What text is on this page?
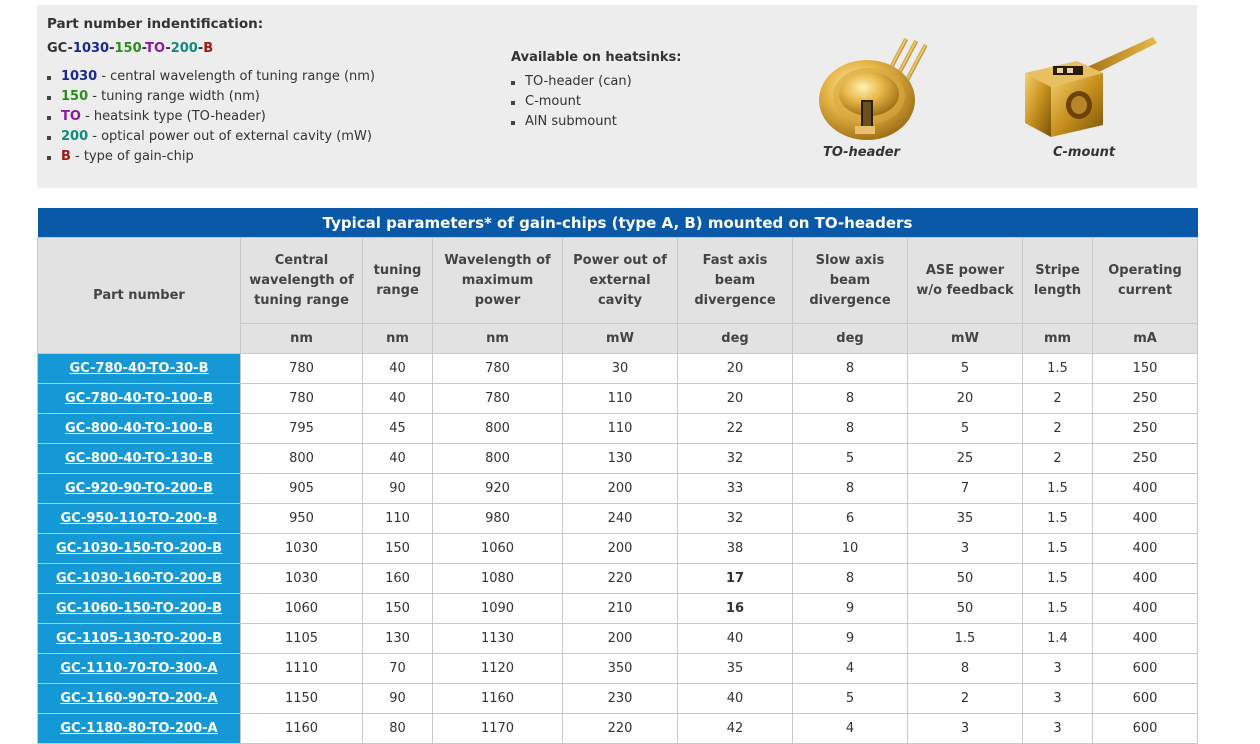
Part number indentification:
GC-1030-150-TO-200-B
1030 - central wavelength of tuning range (nm)
150 - tuning range width (nm)
TO - heatsink type (TO-header)
200 - optical power out of external cavity (mW)
B - type of gain-chip
Available on heatsinks:
TO-header (can)
C-mount
AlN submount
TO-header	C-mount
Typical parameters* of gain-chips (type A, B) mounted on TO-headers									
Part number	Central wavelength of tuning range	tuning range	Wavelength of maximum power	Power out of external cavity	Fast axis beam divergence	Slow axis beam divergence	ASE power w/o feedback	Stripe length	Operating current
	nm	nm	nm	mW	deg	deg	mW	mm	mA
GC-780-40-TO-30-B	780	40	780	30	20	8	5	1.5	150
GC-780-40-TO-100-B	780	40	780	110	20	8	20	2	250
GC-800-40-TO-100-B	795	45	800	110	22	8	5	2	250
GC-800-40-TO-130-B	800	40	800	130	32	5	25	2	250
GC-920-90-TO-200-B	905	90	920	200	33	8	7	1.5	400
GC-950-110-TO-200-B	950	110	980	240	32	6	35	1.5	400
GC-1030-150-TO-200-B	1030	150	1060	200	38	10	3	1.5	400
GC-1030-160-TO-200-B	1030	160	1080	220	17	8	50	1.5	400
GC-1060-150-TO-200-B	1060	150	1090	210	16	9	50	1.5	400
GC-1105-130-TO-200-B	1105	130	1130	200	40	9	1.5	1.4	400
GC-1110-70-TO-300-A	1110	70	1120	350	35	4	8	3	600
GC-1160-90-TO-200-A	1150	90	1160	230	40	5	2	3	600
GC-1180-80-TO-200-A	1160	80	1170	220	42	4	3	3	600
